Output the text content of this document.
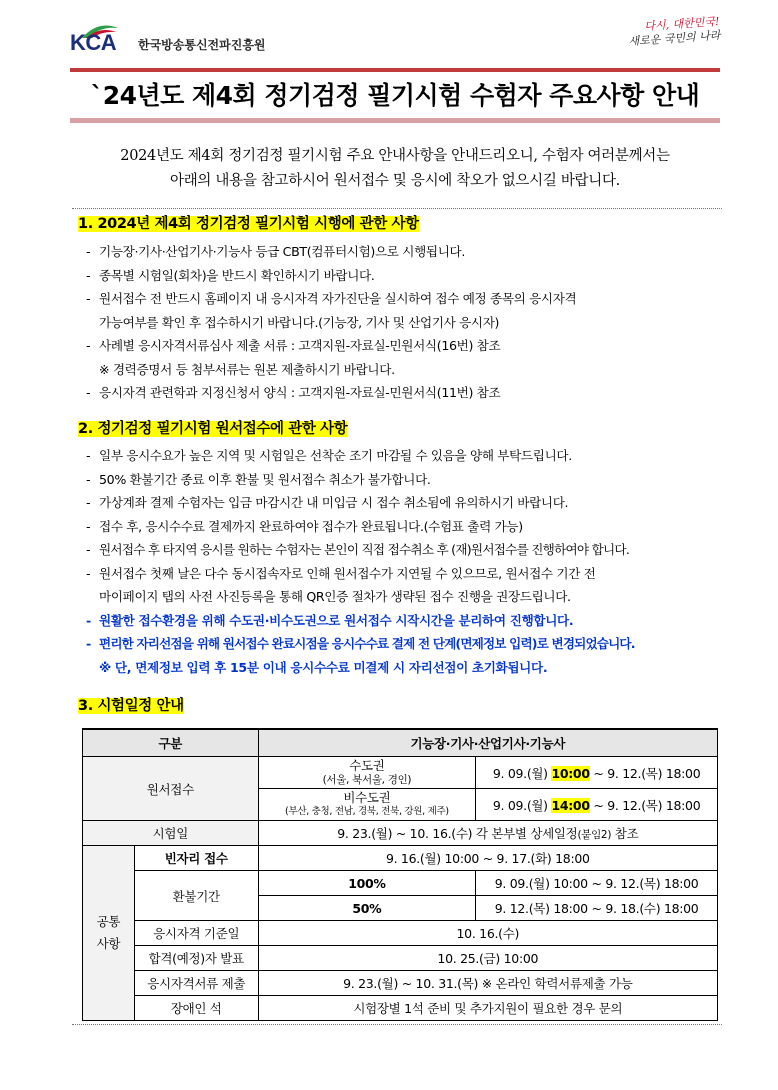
KCA 한국방송통신전파진흥원
다시, 대한민국!
새로운 국민의 나라
`24년도 제4회 정기검정 필기시험 수험자 주요사항 안내
2024년도 제4회 정기검정 필기시험 주요 안내사항을 안내드리오니, 수험자 여러분께서는
아래의 내용을 참고하시어 원서접수 및 응시에 착오가 없으시길 바랍니다.
1. 2024년 제4회 정기검정 필기시험 시행에 관한 사항
- 기능장·기사·산업기사·기능사 등급 CBT(컴퓨터시험)으로 시행됩니다.
- 종목별 시험일(회차)을 반드시 확인하시기 바랍니다.
- 원서접수 전 반드시 홈페이지 내 응시자격 자가진단을 실시하여 접수 예정 종목의 응시자격
가능여부를 확인 후 접수하시기 바랍니다.(기능장, 기사 및 산업기사 응시자)
- 사례별 응시자격서류심사 제출 서류 : 고객지원-자료실-민원서식(16번) 참조
※ 경력증명서 등 첨부서류는 원본 제출하시기 바랍니다.
- 응시자격 관련학과 지정신청서 양식 : 고객지원-자료실-민원서식(11번) 참조
2. 정기검정 필기시험 원서접수에 관한 사항
- 일부 응시수요가 높은 지역 및 시험일은 선착순 조기 마감될 수 있음을 양해 부탁드립니다.
- 50% 환불기간 종료 이후 환불 및 원서접수 취소가 불가합니다.
- 가상계좌 결제 수험자는 입금 마감시간 내 미입금 시 접수 취소됨에 유의하시기 바랍니다.
- 접수 후, 응시수수료 결제까지 완료하여야 접수가 완료됩니다.(수험표 출력 가능)
- 원서접수 후 타지역 응시를 원하는 수험자는 본인이 직접 접수취소 후 (재)원서접수를 진행하여야 합니다.
- 원서접수 첫째 날은 다수 동시접속자로 인해 원서접수가 지연될 수 있으므로, 원서접수 기간 전
마이페이지 탭의 사전 사진등록을 통해 QR인증 절차가 생략된 접수 진행을 권장드립니다.
- 원활한 접수환경을 위해 수도권·비수도권으로 원서접수 시작시간을 분리하여 진행합니다.
- 편리한 자리선점을 위해 원서접수 완료시점을 응시수수료 결제 전 단계(면제정보 입력)로 변경되었습니다.
※ 단, 면제정보 입력 후 15분 이내 응시수수료 미결제 시 자리선점이 초기화됩니다.
3. 시험일정 안내
구분		기능장·기사·산업기사·기능사	
원서접수		수도권
(서울, 북서울, 경인)	9. 09.(월) 10:00 ~ 9. 12.(목) 18:00

		비수도권
(부산, 충청, 전남, 경북, 전북, 강원, 제주)	9. 09.(월) 14:00 ~ 9. 12.(목) 18:00
시험일		9. 23.(월) ~ 10. 16.(수) 각 본부별 상세일정(붙임2) 참조	

공통
사항	빈자리 접수	9. 16.(월) 10:00 ~ 9. 17.(화) 18:00	
	환불기간	100%	9. 09.(월) 10:00 ~ 9. 12.(목) 18:00
		50%	9. 12.(목) 18:00 ~ 9. 18.(수) 18:00
	응시자격 기준일	10. 16.(수)	
	합격(예정)자 발표	10. 25.(금) 10:00	
	응시자격서류 제출	9. 23.(월) ~ 10. 31.(목) ※ 온라인 학력서류제출 가능	
	장애인 석	시험장별 1석 준비 및 추가지원이 필요한 경우 문의	
